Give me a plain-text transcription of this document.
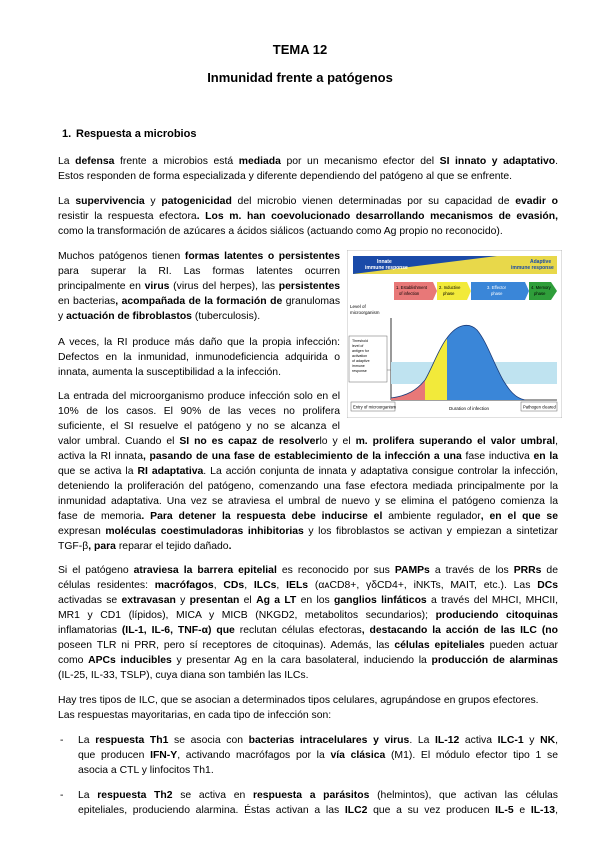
TEMA 12
Inmunidad frente a patógenos
1. Respuesta a microbios
La defensa frente a microbios está mediada por un mecanismo efector del SI innato y adaptativo.
Estos responden de forma especializada y diferente dependiendo del patógeno al que se enfrente.
La supervivencia y patogenicidad del microbio vienen determinadas por su capacidad de evadir o
resistir la respuesta efectora. Los m. han coevolucionado desarrollando mecanismos de evasión,
como la transformación de azúcares a ácidos siálicos (actuando como Ag propio no reconocido).
Muchos patógenos tienen formas latentes o persistentes
para superar la RI. Las formas latentes ocurren
principalmente en virus (virus del herpes), las persistentes
en bacterias, acompañada de la formación de granulomas
y actuación de fibroblastos (tuberculosis).
A veces, la RI produce más daño que la propia infección:
Defectos en la inmunidad, inmunodeficiencia adquirida o
innata, aumenta la susceptibilidad a la infección.
La entrada del microorganismo produce infección solo en el
10% de los casos. El 90% de las veces no prolifera
suficiente, el SI resuelve el patógeno y no se alcanza el
valor umbral. Cuando el SI no es capaz de resolverlo y el m. prolifera superando el valor umbral,
activa la RI innata, pasando de una fase de establecimiento de la infección a una fase inductiva en la
que se activa la RI adaptativa. La acción conjunta de innata y adaptativa consigue controlar la infección,
deteniendo la proliferación del patógeno, comenzando una fase efectora mediada principalmente por la
inmunidad adaptativa. Una vez se atraviesa el umbral de nuevo y se elimina el patógeno comienza la
fase de memoria. Para detener la respuesta debe inducirse el ambiente regulador, en el que se
expresan moléculas coestimuladoras inhibitorias y los fibroblastos se activan y empiezan a sintetizar
TGF-β, para reparar el tejido dañado.
Si el patógeno atraviesa la barrera epitelial es reconocido por sus PAMPs a través de los PRRs de
células residentes: macrófagos, CDs, ILCs, IELs (αᴀCD8+, γδCD4+, iNKTs, MAIT, etc.). Las DCs
activadas se extravasan y presentan el Ag a LT en los ganglios linfáticos a través del MHCI, MHCII,
MR1 y CD1 (lípidos), MICA y MICB (NKGD2, metabolitos secundarios); produciendo citoquinas
inflamatorias (IL-1, IL-6, TNF-α) que reclutan células efectoras, destacando la acción de las ILC (no
poseen TLR ni PRR, pero sí receptores de citoquinas). Además, las células epiteliales pueden actuar
como APCs inducibles y presentar Ag en la cara basolateral, induciendo la producción de alarminas
(IL-25, IL-33, TSLP), cuya diana son también las ILCs.
Hay tres tipos de ILC, que se asocian a determinados tipos celulares, agrupándose en grupos efectores.
Las respuestas mayoritarias, en cada tipo de infección son:
- La respuesta Th1 se asocia con bacterias intracelulares y virus. La IL-12 activa ILC-1 y NK,
que producen IFN-Y, activando macrófagos por la vía clásica (M1). El módulo efector tipo 1 se
asocia a CTL y linfocitos Th1.
- La respuesta Th2 se activa en respuesta a parásitos (helmintos), que activan las células
epiteliales, produciendo alarmina. Éstas activan a las ILC2 que a su vez producen IL-5 e IL-13,
Innate
immune response
Adaptive
immune response
1. Establishment
of infection
2. Inductive
phase
3. Effector
phase
4. Memory
phase
Level of
microorganism
Threshold
level of
antigen for
activation
of adaptive
immune
response
Entry of microorganism	Duration of infection	Pathogen cleared
